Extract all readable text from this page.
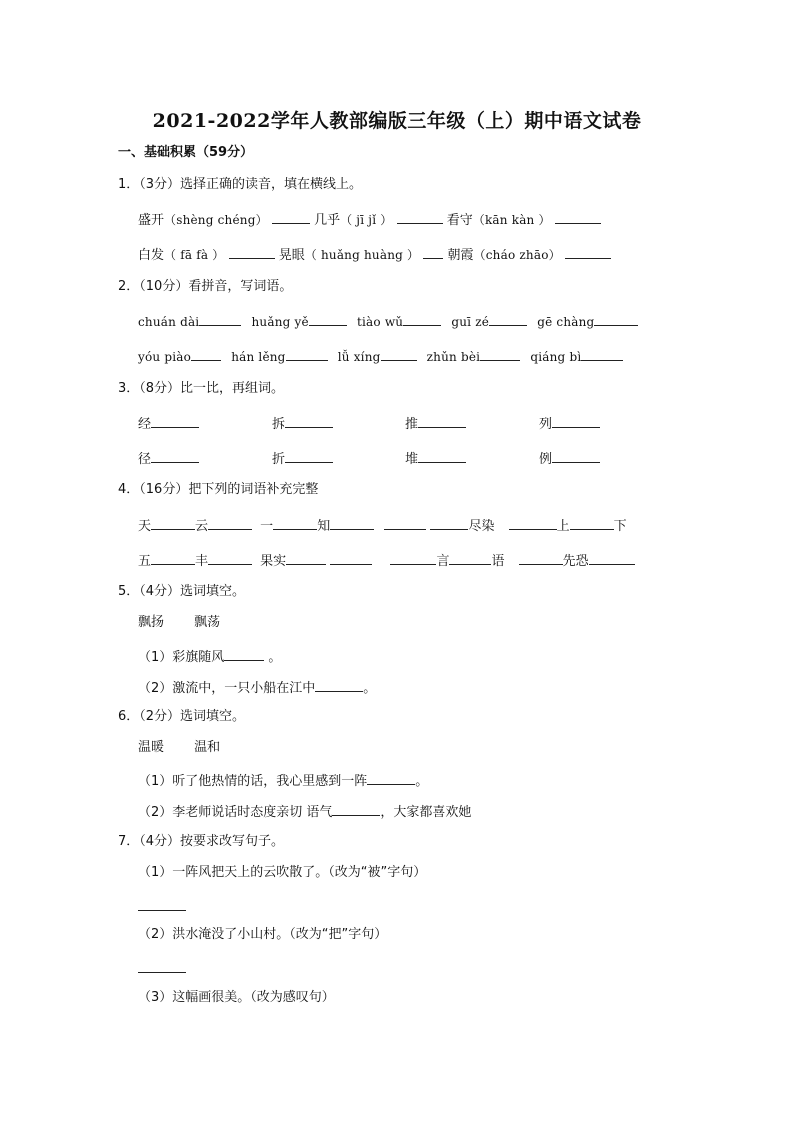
2021-2022学年人教部编版三年级（上）期中语文试卷
一、基础积累（59分）
1．（3分）选择正确的读音，填在横线上。
盛开（shèng chéng）	几乎（ jī jǐ ）	看守（kān kàn ）
白发（ fā fà ）	晃眼（ huǎng huàng ） 朝霞（cháo zhāo）
2．（10分）看拼音，写词语。
chuán dài	huǎng yě	tiào wǔ	guī zé	gē chàng
yóu piào	hán lěng	lǚ xíng	zhǔn bèi	qiáng bì
3．（8分）比一比，再组词。
经	拆	推	列
径	折	堆	例
4．（16分）把下列的词语补充完整
天	云	一	知	尽染	上	下
五	丰	果实	言	语	先恐
5．（4分）选词填空。
飘扬 飘荡
（1）彩旗随风	。
（2）激流中，一只小船在江中	。
6．（2分）选词填空。
温暖 温和
（1）听了他热情的话，我心里感到一阵	。
（2）李老师说话时态度亲切 语气	，大家都喜欢她
7．（4分）按要求改写句子。
（1）一阵风把天上的云吹散了。（改为“被”字句）
（2）洪水淹没了小山村。（改为“把”字句）
（3）这幅画很美。（改为感叹句）
